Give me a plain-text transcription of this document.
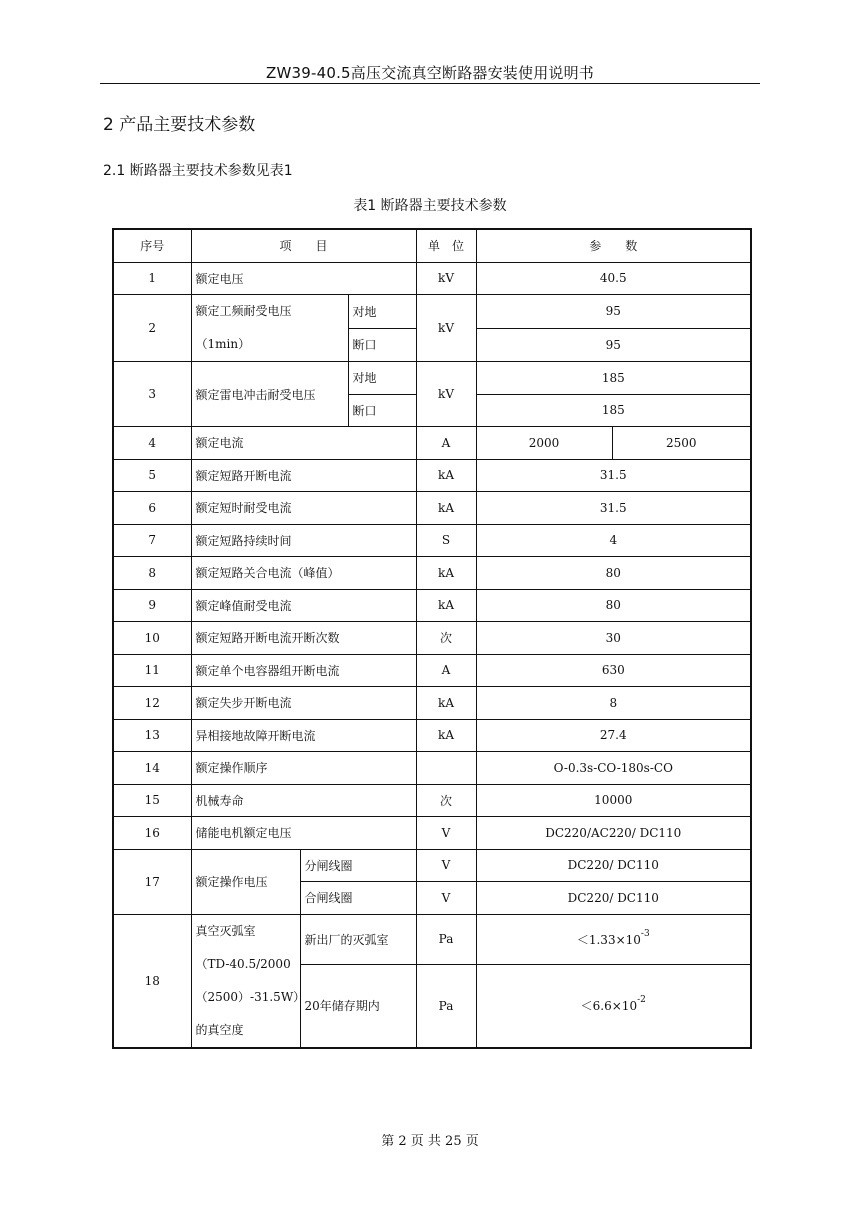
ZW39-40.5高压交流真空断路器安装使用说明书
2 产品主要技术参数
2.1 断路器主要技术参数见表1
表1 断路器主要技术参数
序号	项　　目			单　位	参　　数	
1	额定电压			kV	40.5	
2	额定工频耐受电压
（1min）		对地	kV	95	
			断口		95	
3	额定雷电冲击耐受电压		对地	kV	185	
			断口		185	
4	额定电流			A	2000	2500
5	额定短路开断电流			kA	31.5	
6	额定短时耐受电流			kA	31.5	
7	额定短路持续时间			S	4	
8	额定短路关合电流（峰值）			kA	80	
9	额定峰值耐受电流			kA	80	
10	额定短路开断电流开断次数			次	30	
11	额定单个电容器组开断电流			A	630	
12	额定失步开断电流			kA	8	
13	异相接地故障开断电流			kA	27.4	
14	额定操作顺序				O-0.3s-CO-180s-CO	
15	机械寿命			次	10000	
16	储能电机额定电压			V	DC220/AC220/ DC110	
17	额定操作电压	分闸线圈		V	DC220/ DC110	
		合闸线圈		V	DC220/ DC110	
18	真空灭弧室
（TD-40.5/2000
（2500）-31.5W）
的真空度	新出厂的灭弧室		Pa	$<1.33\times 10^{-3}$
		20年储存期内		Pa	$<6.6\times 10^{-2}$
第 2 页 共 25 页
